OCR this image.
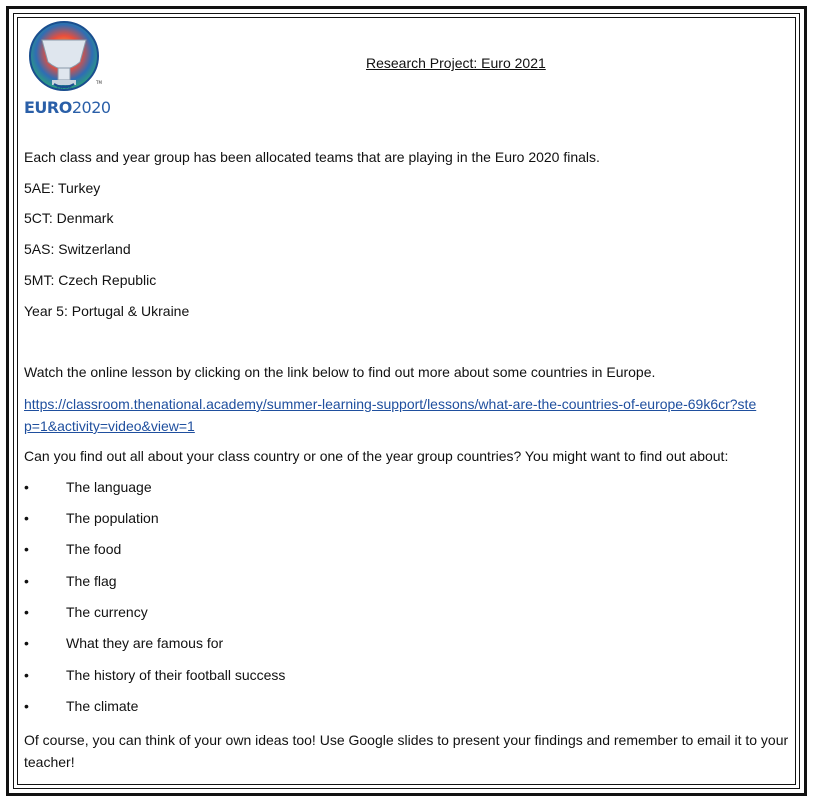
UEFA
TM
EURO2020
Research Project: Euro 2021
Each class and year group has been allocated teams that are playing in the Euro 2020 finals.
5AE: Turkey
5CT: Denmark
5AS: Switzerland
5MT: Czech Republic
Year 5: Portugal & Ukraine
Watch the online lesson by clicking on the link below to find out more about some countries in Europe.
https://classroom.thenational.academy/summer-learning-support/lessons/what-are-the-countries-of-europe-69k6cr?step=1&activity=video&view=1
Can you find out all about your class country or one of the year group countries? You might want to find out about:
•	The language
•	The population
•	The food
•	The flag
•	The currency
•	What they are famous for
•	The history of their football success
•	The climate
Of course, you can think of your own ideas too! Use Google slides to present your findings and remember to email it to your teacher!
